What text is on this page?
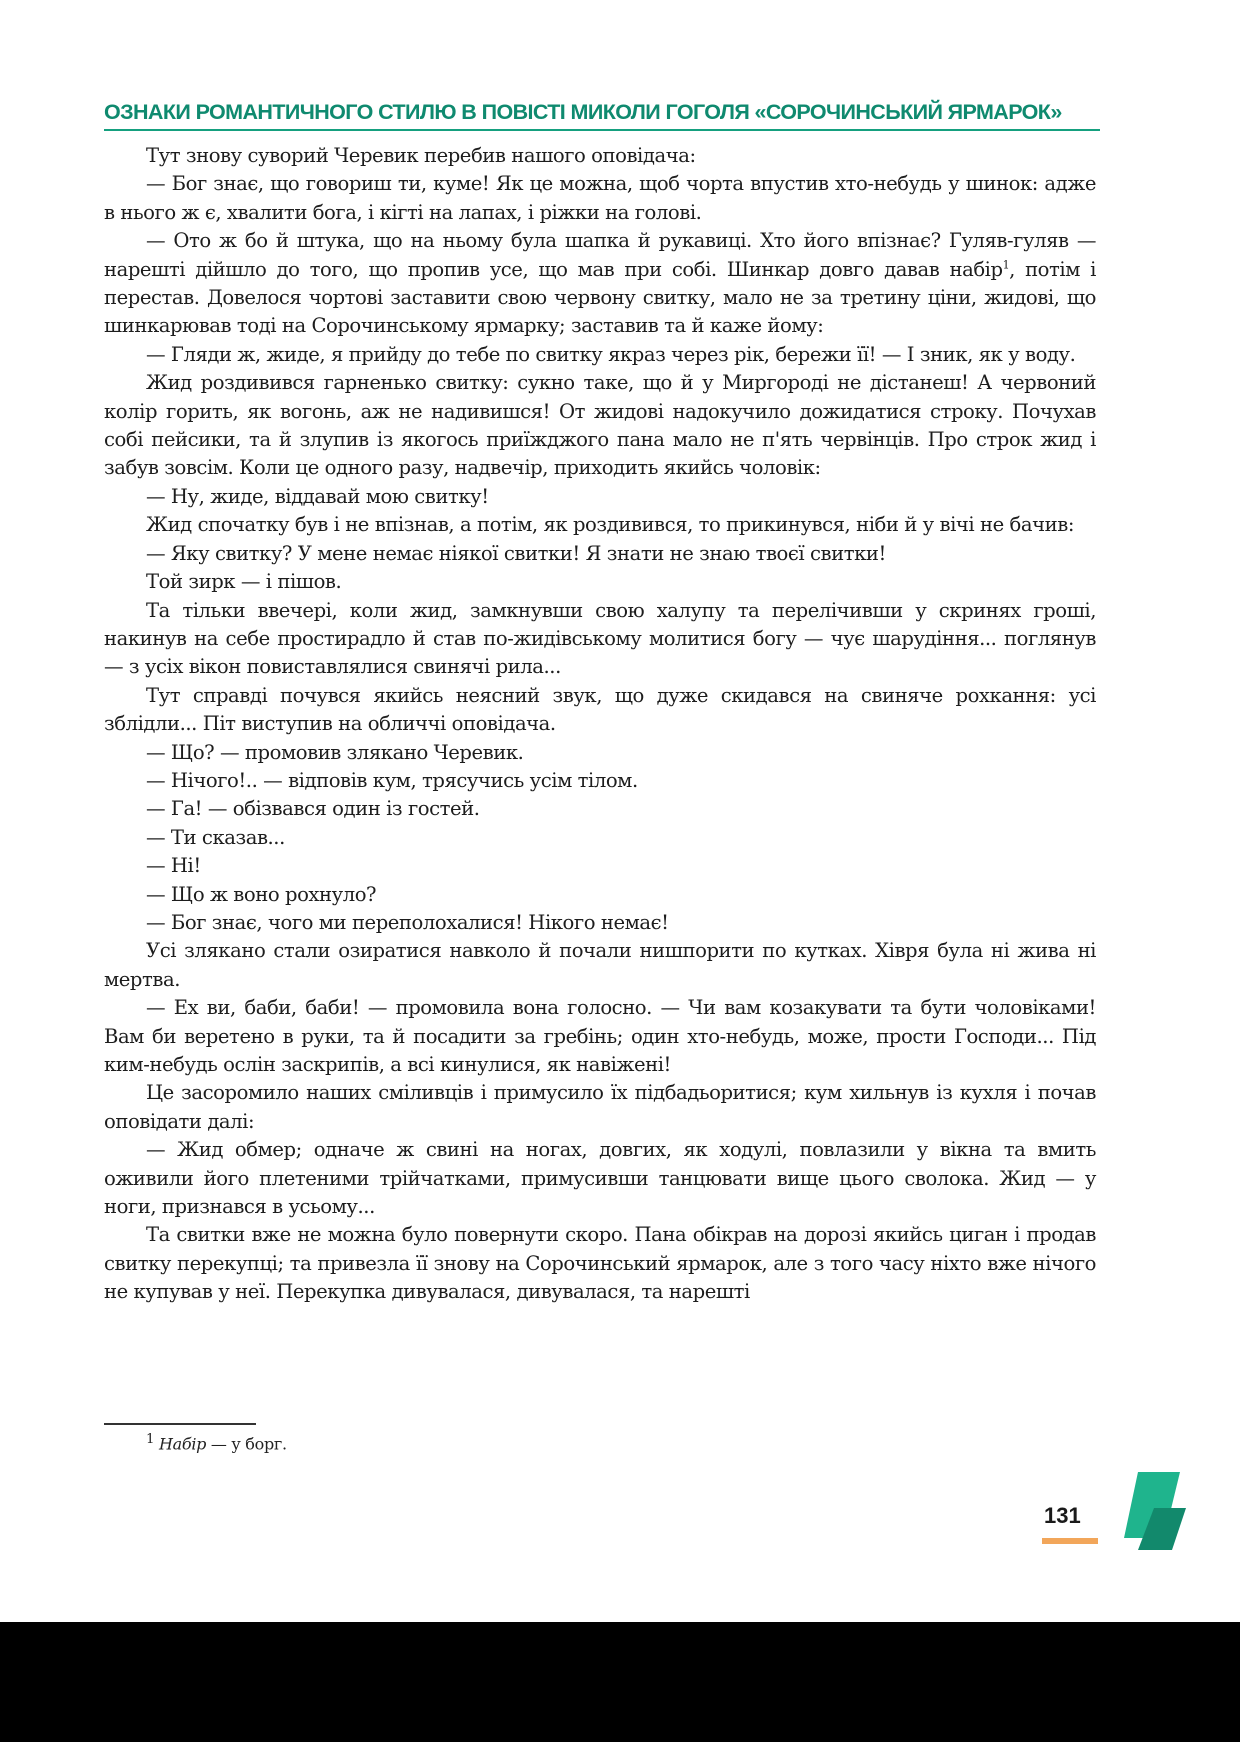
ОЗНАКИ РОМАНТИЧНОГО СТИЛЮ В ПОВІСТІ МИКОЛИ ГОГОЛЯ «СОРОЧИНСЬКИЙ ЯРМАРОК»

Тут знову суворий Черевик перебив нашого оповідача:

— Бог знає, що говориш ти, куме! Як це можна, щоб чорта впустив хто-небудь у шинок: адже в нього ж є, хвалити бога, і кігті на лапах, і ріжки на голові.

— Ото ж бо й штука, що на ньому була шапка й рукавиці. Хто його впізнає? Гуляв-гуляв — нарешті дійшло до того, що пропив усе, що мав при собі. Шинкар довго давав набір$^1$, потім і перестав. Довелося чортові заставити свою червону свитку, мало не за третину ціни, жидові, що шинкарював тоді на Сорочинському ярмарку; заставив та й каже йому:

— Гляди ж, жиде, я прийду до тебе по свитку якраз через рік, бережи її! — І зник, як у воду.

Жид роздивився гарненько свитку: сукно таке, що й у Миргороді не дістанеш! А червоний колір горить, як вогонь, аж не надивишся! От жидові надокучило дожидатися строку. Почухав собі пейсики, та й злупив із якогось приїжджого пана мало не п'ять червінців. Про строк жид і забув зовсім. Коли це одного разу, надвечір, приходить якийсь чоловік:

— Ну, жиде, віддавай мою свитку!

Жид спочатку був і не впізнав, а потім, як роздивився, то прикинувся, ніби й у вічі не бачив:

— Яку свитку? У мене немає ніякої свитки! Я знати не знаю твоєї свитки!

Той зирк — і пішов.

Та тільки ввечері, коли жид, замкнувши свою халупу та перелічивши у скринях гроші, накинув на себе простирадло й став по-жидівському молитися богу — чує шарудіння... поглянув — з усіх вікон повиставлялися свинячі рила...

Тут справді почувся якийсь неясний звук, що дуже скидався на свиняче рохкання: усі зблідли... Піт виступив на обличчі оповідача.

— Що? — промовив злякано Черевик.

— Нічого!.. — відповів кум, трясучись усім тілом.

— Га! — обізвався один із гостей.

— Ти сказав...

— Ні!

— Що ж воно рохнуло?

— Бог знає, чого ми переполохалися! Нікого немає!

Усі злякано стали озиратися навколо й почали нишпорити по кутках. Хівря була ні жива ні мертва.

— Ех ви, баби, баби! — промовила вона голосно. — Чи вам козакувати та бути чоловіками! Вам би веретено в руки, та й посадити за гребінь; один хто-небудь, може, прости Господи... Під ким-небудь ослін заскрипів, а всі кинулися, як навіжені!

Це засоромило наших сміливців і примусило їх підбадьоритися; кум хильнув із кухля і почав оповідати далі:

— Жид обмер; одначе ж свині на ногах, довгих, як ходулі, повлазили у вікна та вмить оживили його плетеними трійчатками, примусивши танцювати вище цього сволока. Жид — у ноги, признався в усьому...

Та свитки вже не можна було повернути скоро. Пана обікрав на дорозі якийсь циган і продав свитку перекупці; та привезла її знову на Сорочинський ярмарок, але з того часу ніхто вже нічого не купував у неї. Перекупка дивувалася, дивувалася, та нарешті

$^1$ Набір — у борг.
131
